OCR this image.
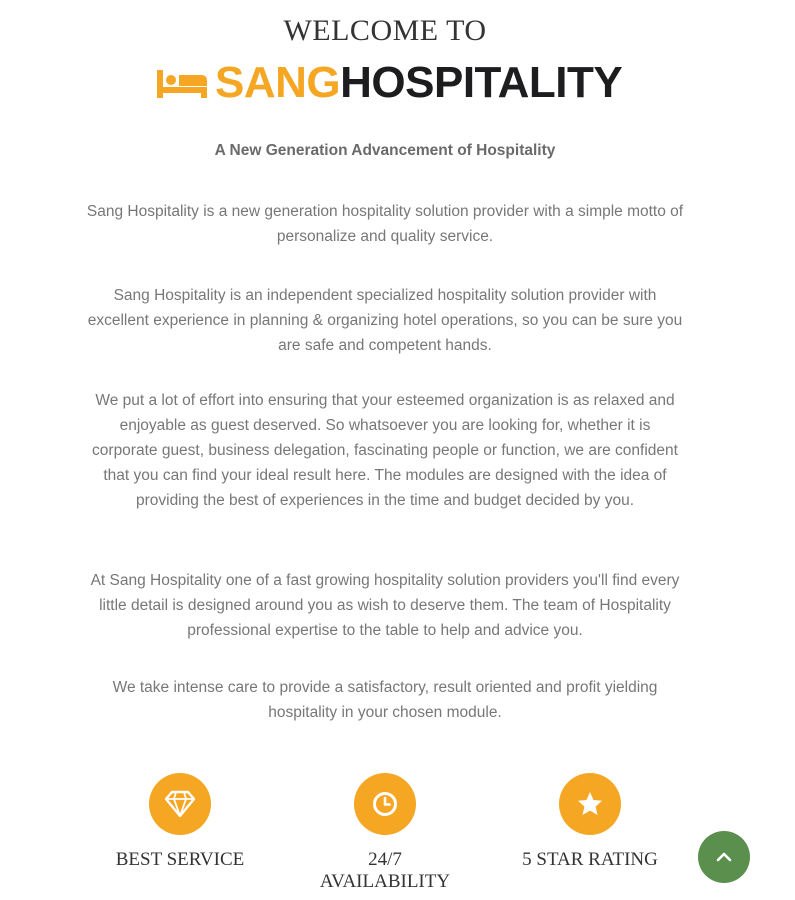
WELCOME TO
SANGHOSPITALITY
A New Generation Advancement of Hospitality

Sang Hospitality is a new generation hospitality solution provider with a simple motto of personalize and quality service.

Sang Hospitality is an independent specialized hospitality solution provider with excellent experience in planning & organizing hotel operations, so you can be sure you are safe and competent hands.

We put a lot of effort into ensuring that your esteemed organization is as relaxed and enjoyable as guest deserved. So whatsoever you are looking for, whether it is corporate guest, business delegation, fascinating people or function, we are confident that you can find your ideal result here. The modules are designed with the idea of providing the best of experiences in the time and budget decided by you.

At Sang Hospitality one of a fast growing hospitality solution providers you'll find every little detail is designed around you as wish to deserve them. The team of Hospitality professional expertise to the table to help and advice you.

We take intense care to provide a satisfactory, result oriented and profit yielding hospitality in your chosen module.

BEST SERVICE	24/7
AVAILABILITY
5 STAR RATING
